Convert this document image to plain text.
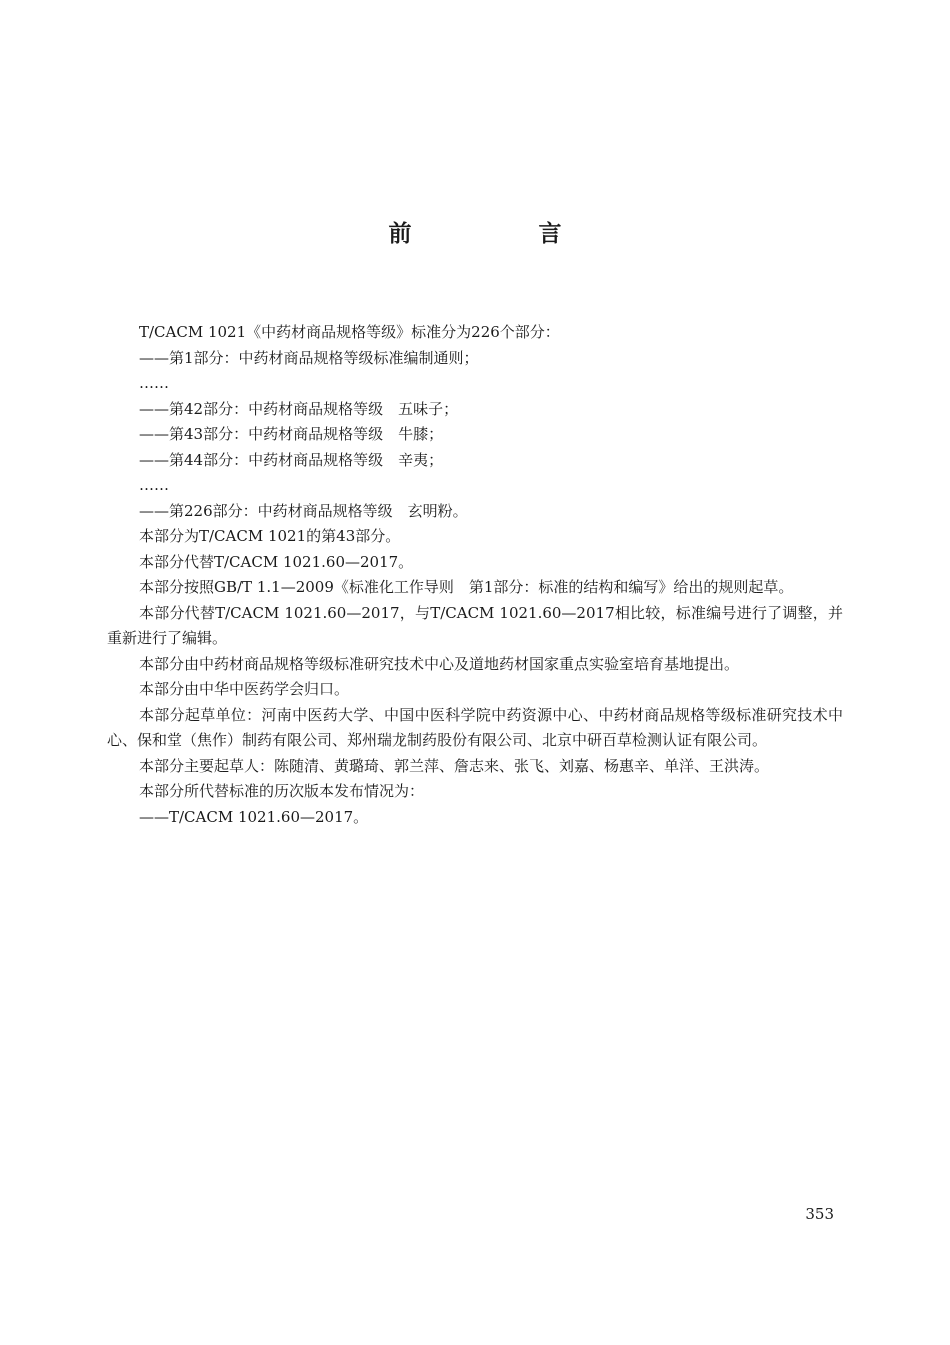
前　言

T/CACM 1021《中药材商品规格等级》标准分为226个部分：

——第1部分：中药材商品规格等级标准编制通则；

……

——第42部分：中药材商品规格等级　五味子；

——第43部分：中药材商品规格等级　牛膝；

——第44部分：中药材商品规格等级　辛夷；

……

——第226部分：中药材商品规格等级　玄明粉。

本部分为T/CACM 1021的第43部分。

本部分代替T/CACM 1021.60—2017。

本部分按照GB/T 1.1—2009《标准化工作导则　第1部分：标准的结构和编写》给出的规则起草。

本部分代替T/CACM 1021.60—2017，与T/CACM 1021.60—2017相比较，标准编号进行了调整，并重新进行了编辑。

本部分由中药材商品规格等级标准研究技术中心及道地药材国家重点实验室培育基地提出。

本部分由中华中医药学会归口。

本部分起草单位：河南中医药大学、中国中医科学院中药资源中心、中药材商品规格等级标准研究技术中心、保和堂（焦作）制药有限公司、郑州瑞龙制药股份有限公司、北京中研百草检测认证有限公司。

本部分主要起草人：陈随清、黄璐琦、郭兰萍、詹志来、张飞、刘嘉、杨惠辛、单洋、王洪涛。

本部分所代替标准的历次版本发布情况为：

——T/CACM 1021.60—2017。

353
